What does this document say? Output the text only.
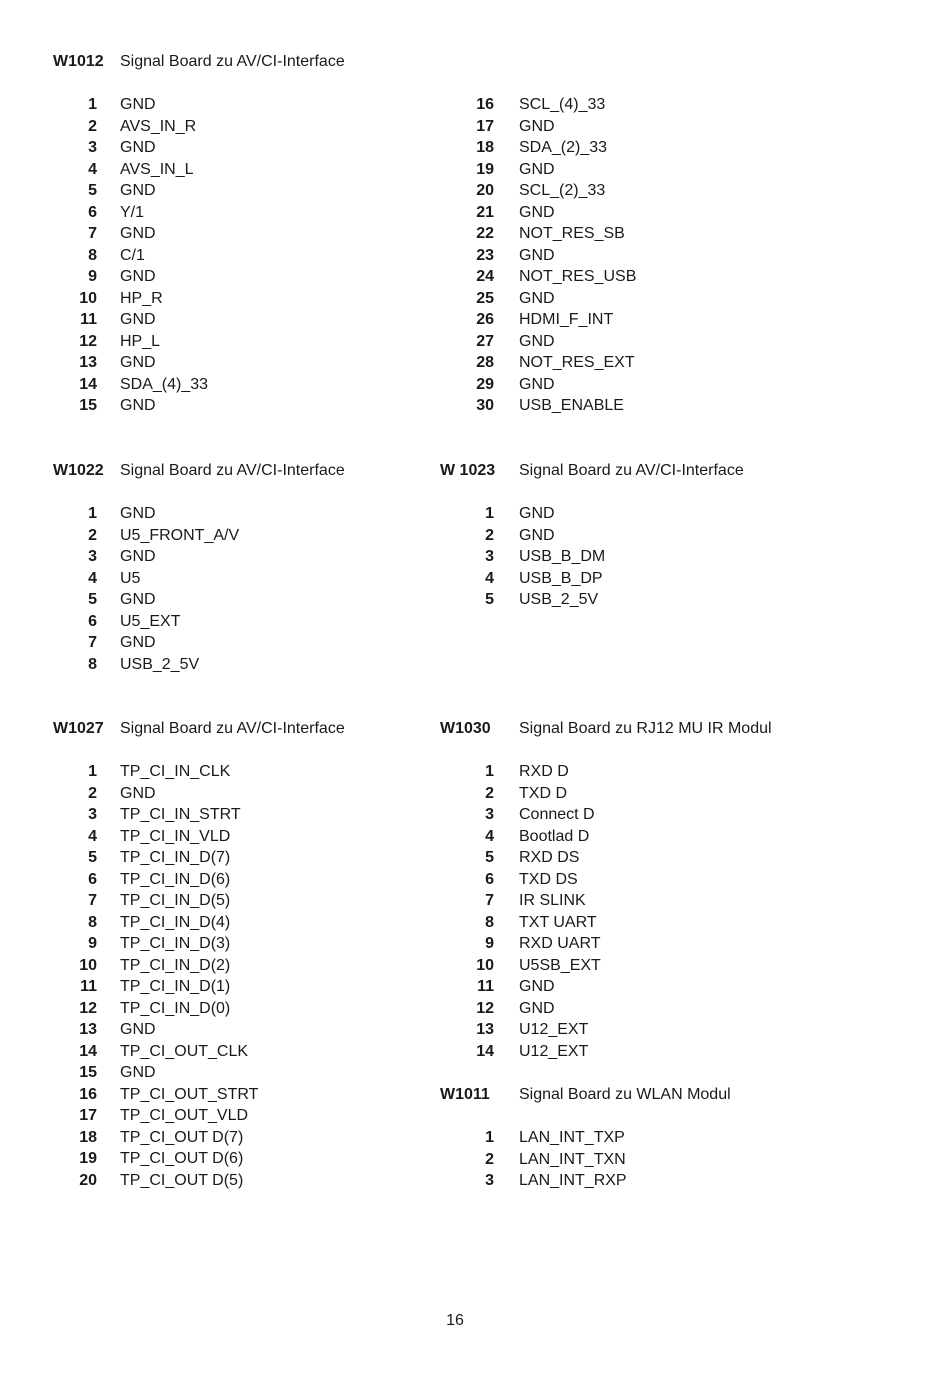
W1012 Signal Board zu AV/CI-Interface
1 GND
2 AVS_IN_R
3 GND
4 AVS_IN_L
5 GND
6 Y/1
7 GND
8 C/1
9 GND
10 HP_R
11 GND
12 HP_L
13 GND
14 SDA_(4)_33
15 GND
16 SCL_(4)_33
17 GND
18 SDA_(2)_33
19 GND
20 SCL_(2)_33
21 GND
22 NOT_RES_SB
23 GND
24 NOT_RES_USB
25 GND
26 HDMI_F_INT
27 GND
28 NOT_RES_EXT
29 GND
30 USB_ENABLE
W1022 Signal Board zu AV/CI-Interface
1 GND
2 U5_FRONT_A/V
3 GND
4 U5
5 GND
6 U5_EXT
7 GND
8 USB_2_5V
W 1023 Signal Board zu AV/CI-Interface
1 GND
2 GND
3 USB_B_DM
4 USB_B_DP
5 USB_2_5V
W1027 Signal Board zu AV/CI-Interface
1 TP_CI_IN_CLK
2 GND
3 TP_CI_IN_STRT
4 TP_CI_IN_VLD
5 TP_CI_IN_D(7)
6 TP_CI_IN_D(6)
7 TP_CI_IN_D(5)
8 TP_CI_IN_D(4)
9 TP_CI_IN_D(3)
10 TP_CI_IN_D(2)
11 TP_CI_IN_D(1)
12 TP_CI_IN_D(0)
13 GND
14 TP_CI_OUT_CLK
15 GND
16 TP_CI_OUT_STRT
17 TP_CI_OUT_VLD
18 TP_CI_OUT D(7)
19 TP_CI_OUT D(6)
20 TP_CI_OUT D(5)
W1030 Signal Board zu RJ12 MU IR Modul
1 RXD D
2 TXD D
3 Connect D
4 Bootlad D
5 RXD DS
6 TXD DS
7 IR SLINK
8 TXT UART
9 RXD UART
10 U5SB_EXT
11 GND
12 GND
13 U12_EXT
14 U12_EXT
W1011 Signal Board zu WLAN Modul
1 LAN_INT_TXP
2 LAN_INT_TXN
3 LAN_INT_RXP
16
